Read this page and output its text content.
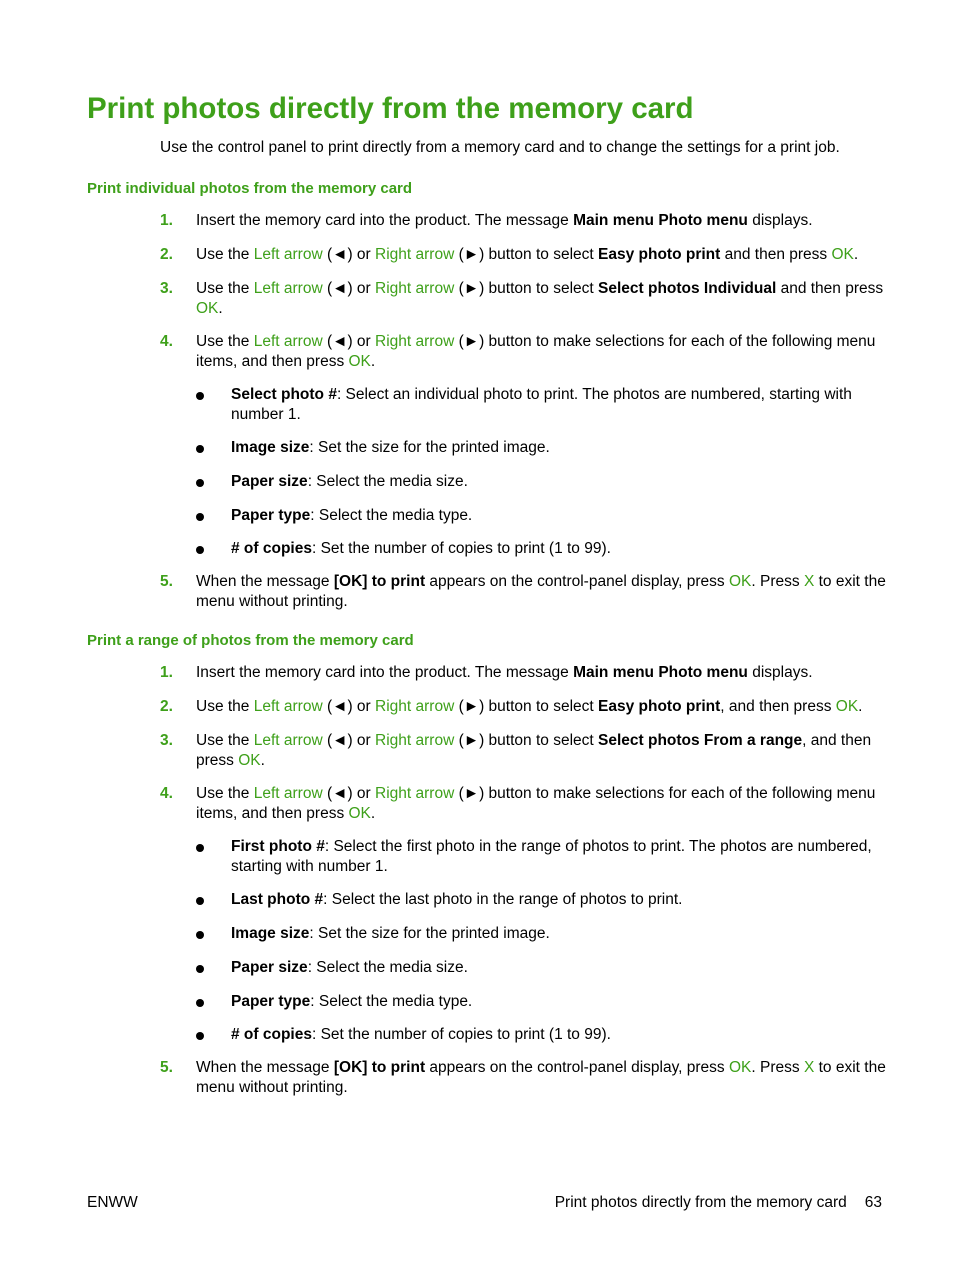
Print photos directly from the memory card

Use the control panel to print directly from a memory card and to change the settings for a print job.

Print individual photos from the memory card
1. Insert the memory card into the product. The message Main menu Photo menu displays.
2. Use the Left arrow (◄) or Right arrow (►) button to select Easy photo print and then press OK.
3. Use the Left arrow (◄) or Right arrow (►) button to select Select photos Individual and then press OK.
4. Use the Left arrow (◄) or Right arrow (►) button to make selections for each of the following menu items, and then press OK.
Select photo #: Select an individual photo to print. The photos are numbered, starting with number 1.
Image size: Set the size for the printed image.
Paper size: Select the media size.
Paper type: Select the media type.
# of copies: Set the number of copies to print (1 to 99).
5. When the message [OK] to print appears on the control-panel display, press OK. Press X to exit the menu without printing.
Print a range of photos from the memory card
1. Insert the memory card into the product. The message Main menu Photo menu displays.
2. Use the Left arrow (◄) or Right arrow (►) button to select Easy photo print, and then press OK.
3. Use the Left arrow (◄) or Right arrow (►) button to select Select photos From a range, and then press OK.
4. Use the Left arrow (◄) or Right arrow (►) button to make selections for each of the following menu items, and then press OK.
First photo #: Select the first photo in the range of photos to print. The photos are numbered, starting with number 1.
Last photo #: Select the last photo in the range of photos to print.
Image size: Set the size for the printed image.
Paper size: Select the media size.
Paper type: Select the media type.
# of copies: Set the number of copies to print (1 to 99).
5. When the message [OK] to print appears on the control-panel display, press OK. Press X to exit the menu without printing.
ENWW	Print photos directly from the memory card 63
